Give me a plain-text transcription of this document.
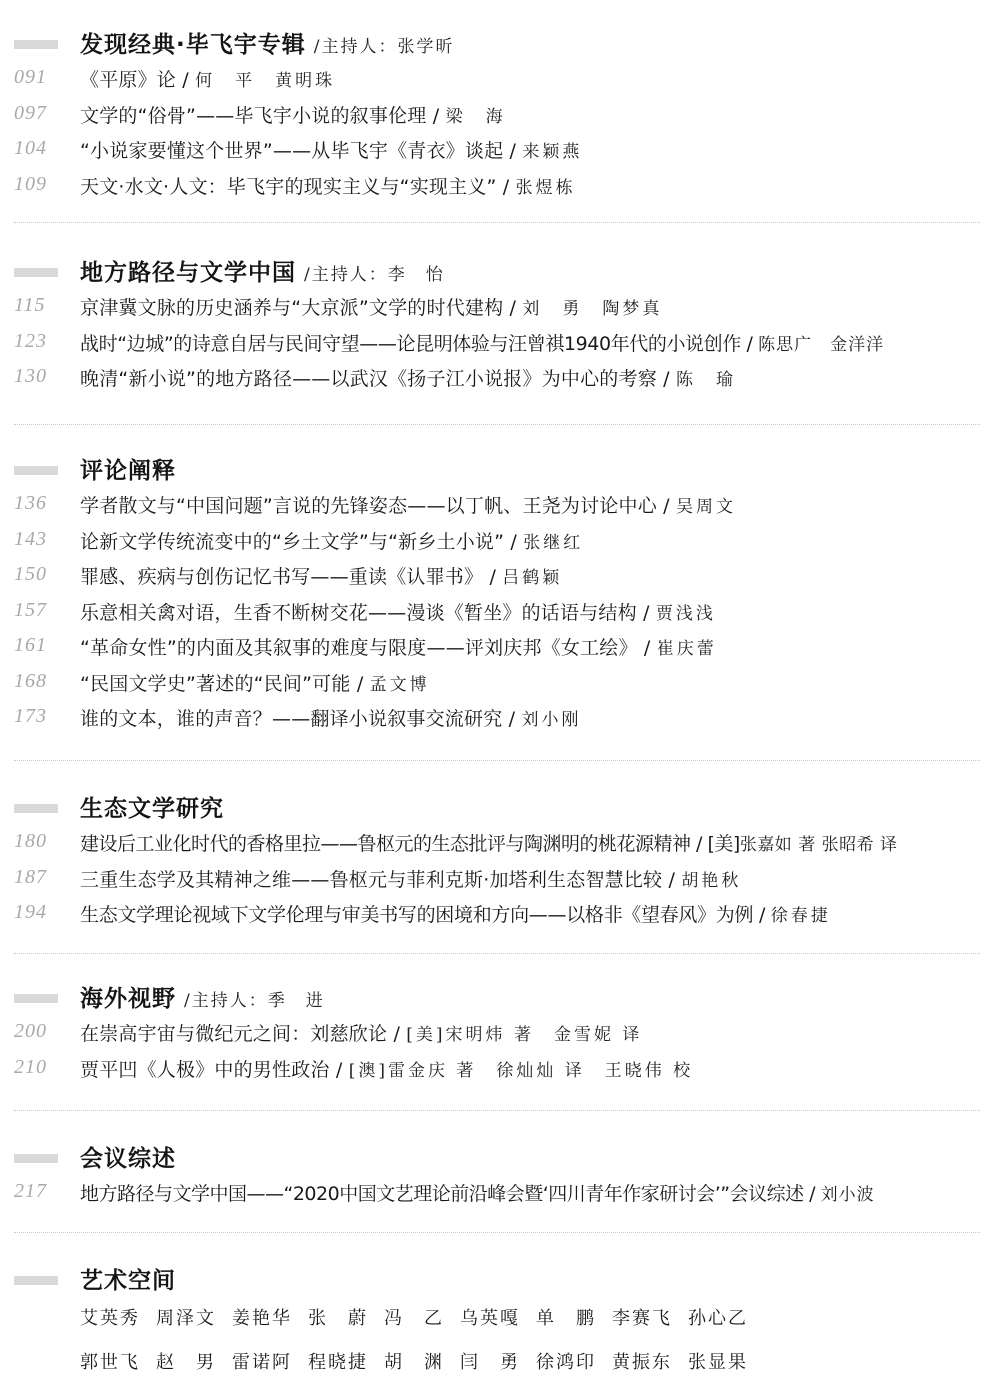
发现经典·毕飞宇专辑 /主持人：张学昕
091	《平原》论 / 何　平　黄明珠
097	文学的“俗骨”——毕飞宇小说的叙事伦理 / 梁　海
104	“小说家要懂这个世界”——从毕飞宇《青衣》谈起 / 来颖燕
109	天文·水文·人文：毕飞宇的现实主义与“实现主义” / 张煜栋
地方路径与文学中国 /主持人：李　怡
115	京津冀文脉的历史涵养与“大京派”文学的时代建构 / 刘　勇　陶梦真
123	战时“边城”的诗意自居与民间守望——论昆明体验与汪曾祺1940年代的小说创作 / 陈思广　金洋洋
130	晚清“新小说”的地方路径——以武汉《扬子江小说报》为中心的考察 / 陈　瑜
评论阐释
136	学者散文与“中国问题”言说的先锋姿态——以丁帆、王尧为讨论中心 / 吴周文
143	论新文学传统流变中的“乡土文学”与“新乡土小说” / 张继红
150	罪感、疾病与创伤记忆书写——重读《认罪书》 / 吕鹤颖
157	乐意相关禽对语，生香不断树交花——漫谈《暂坐》的话语与结构 / 贾浅浅
161	“革命女性”的内面及其叙事的难度与限度——评刘庆邦《女工绘》 / 崔庆蕾
168	“民国文学史”著述的“民间”可能 / 孟文博
173	谁的文本，谁的声音？——翻译小说叙事交流研究 / 刘小刚
生态文学研究
180	建设后工业化时代的香格里拉——鲁枢元的生态批评与陶渊明的桃花源精神 / [美]张嘉如 著 张昭希 译
187	三重生态学及其精神之维——鲁枢元与菲利克斯·加塔利生态智慧比较 / 胡艳秋
194	生态文学理论视域下文学伦理与审美书写的困境和方向——以格非《望春风》为例 / 徐春捷
海外视野 /主持人：季　进
200	在崇高宇宙与微纪元之间：刘慈欣论 / [美]宋明炜 著　金雪妮 译
210	贾平凹《人极》中的男性政治 / [澳]雷金庆 著　徐灿灿 译　王晓伟 校
会议综述
217	地方路径与文学中国——“2020中国文艺理论前沿峰会暨‘四川青年作家研讨会’”会议综述 / 刘小波
艺术空间
艾英秀 周泽文 姜艳华 张　蔚 冯　乙 乌英嘎 单　鹏 李赛飞 孙心乙
郭世飞 赵　男 雷诺阿 程晓捷 胡　渊 闫　勇 徐鸿印 黄振东 张显果
